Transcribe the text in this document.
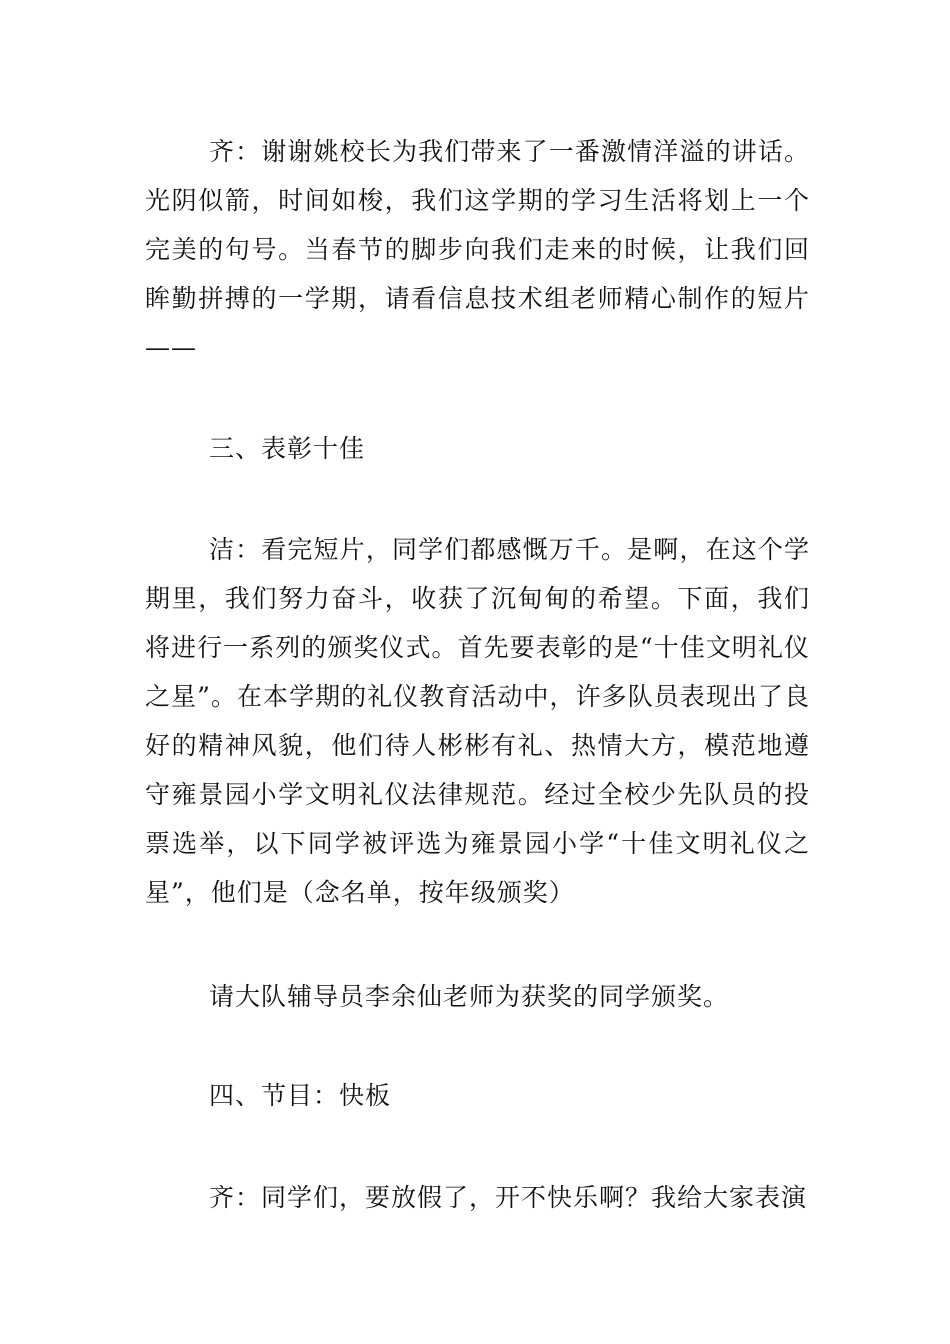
齐：谢谢姚校长为我们带来了一番激情洋溢的讲话。光阴似箭，时间如梭，我们这学期的学习生活将划上一个完美的句号。当春节的脚步向我们走来的时候，让我们回眸勤拼搏的一学期，请看信息技术组老师精心制作的短片——

三、表彰十佳

洁：看完短片，同学们都感慨万千。是啊，在这个学期里，我们努力奋斗，收获了沉甸甸的希望。下面，我们将进行一系列的颁奖仪式。首先要表彰的是“十佳文明礼仪之星”。在本学期的礼仪教育活动中，许多队员表现出了良好的精神风貌，他们待人彬彬有礼、热情大方，模范地遵守雍景园小学文明礼仪法律规范。经过全校少先队员的投票选举，以下同学被评选为雍景园小学“十佳文明礼仪之星”，他们是（念名单，按年级颁奖）

请大队辅导员李余仙老师为获奖的同学颁奖。

四、节目：快板

齐：同学们，要放假了，开不快乐啊？我给大家表演
